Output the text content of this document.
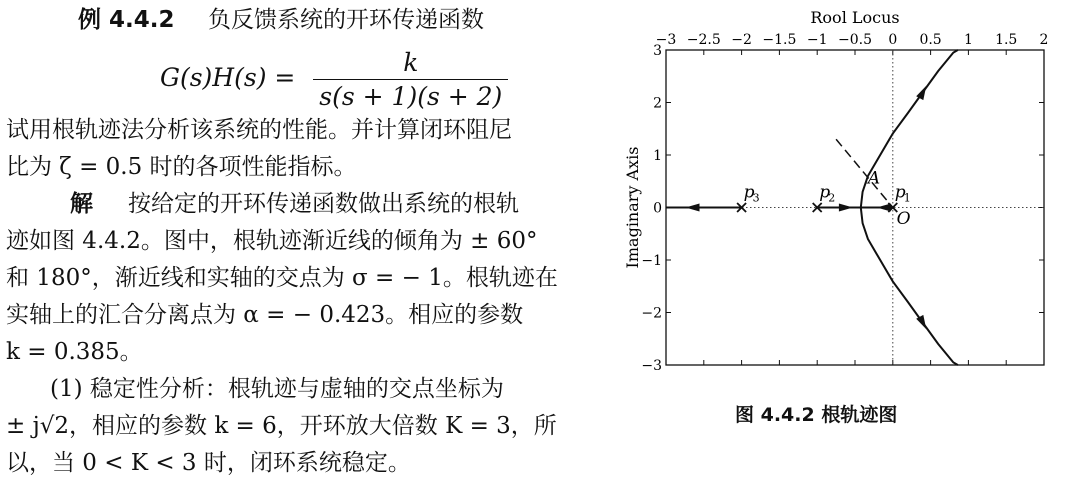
例 4.4.2	负反馈系统的开环传递函数
$G(s)H(s) = \frac{k}{s(s + 1)(s + 2)}$
试用根轨迹法分析该系统的性能。并计算闭环阻尼
比为 ζ = 0.5 时的各项性能指标。
解	按给定的开环传递函数做出系统的根轨
迹如图 4.4.2。图中，根轨迹渐近线的倾角为 ± 60°
和 180°，渐近线和实轴的交点为 σ = − 1。根轨迹在
实轴上的汇合分离点为 α = − 0.423。相应的参数
k = 0.385。
(1) 稳定性分析：根轨迹与虚轴的交点坐标为
± j√2，相应的参数 k = 6，开环放大倍数 K = 3，所
以，当 0 < K < 3 时，闭环系统稳定。
Rool Locus
Imaginary Axis
−3 −2.5 −2 −1.5 −1 −0.5 0 0.5 1 1.5 2
3
2
1
0
−1
−2
−3
p
1
p
2
p
3
A
O
图 4.4.2 根轨迹图
